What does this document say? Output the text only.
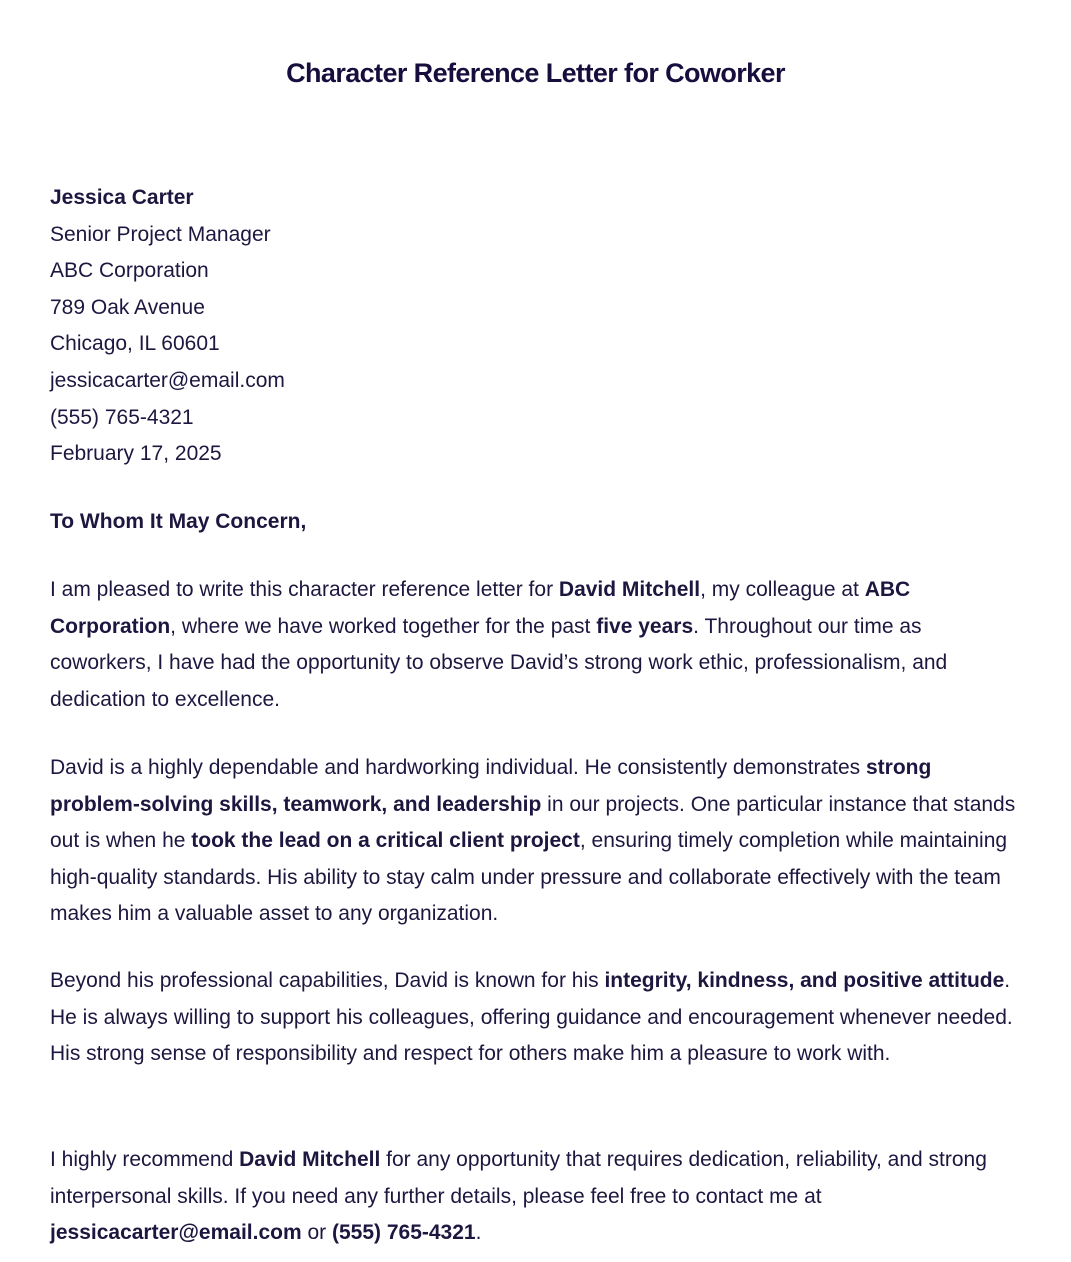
Character Reference Letter for Coworker
Jessica Carter
Senior Project Manager
ABC Corporation
789 Oak Avenue
Chicago, IL 60601
jessicacarter@email.com
(555) 765-4321
February 17, 2025

To Whom It May Concern,

I am pleased to write this character reference letter for David Mitchell, my colleague at ABC Corporation, where we have worked together for the past five years. Throughout our time as coworkers, I have had the opportunity to observe David’s strong work ethic, professionalism, and dedication to excellence.

David is a highly dependable and hardworking individual. He consistently demonstrates strong problem-solving skills, teamwork, and leadership in our projects. One particular instance that stands out is when he took the lead on a critical client project, ensuring timely completion while maintaining high-quality standards. His ability to stay calm under pressure and collaborate effectively with the team makes him a valuable asset to any organization.

Beyond his professional capabilities, David is known for his integrity, kindness, and positive attitude. He is always willing to support his colleagues, offering guidance and encouragement whenever needed. His strong sense of responsibility and respect for others make him a pleasure to work with.

I highly recommend David Mitchell for any opportunity that requires dedication, reliability, and strong interpersonal skills. If you need any further details, please feel free to contact me at jessicacarter@email.com or (555) 765-4321.
